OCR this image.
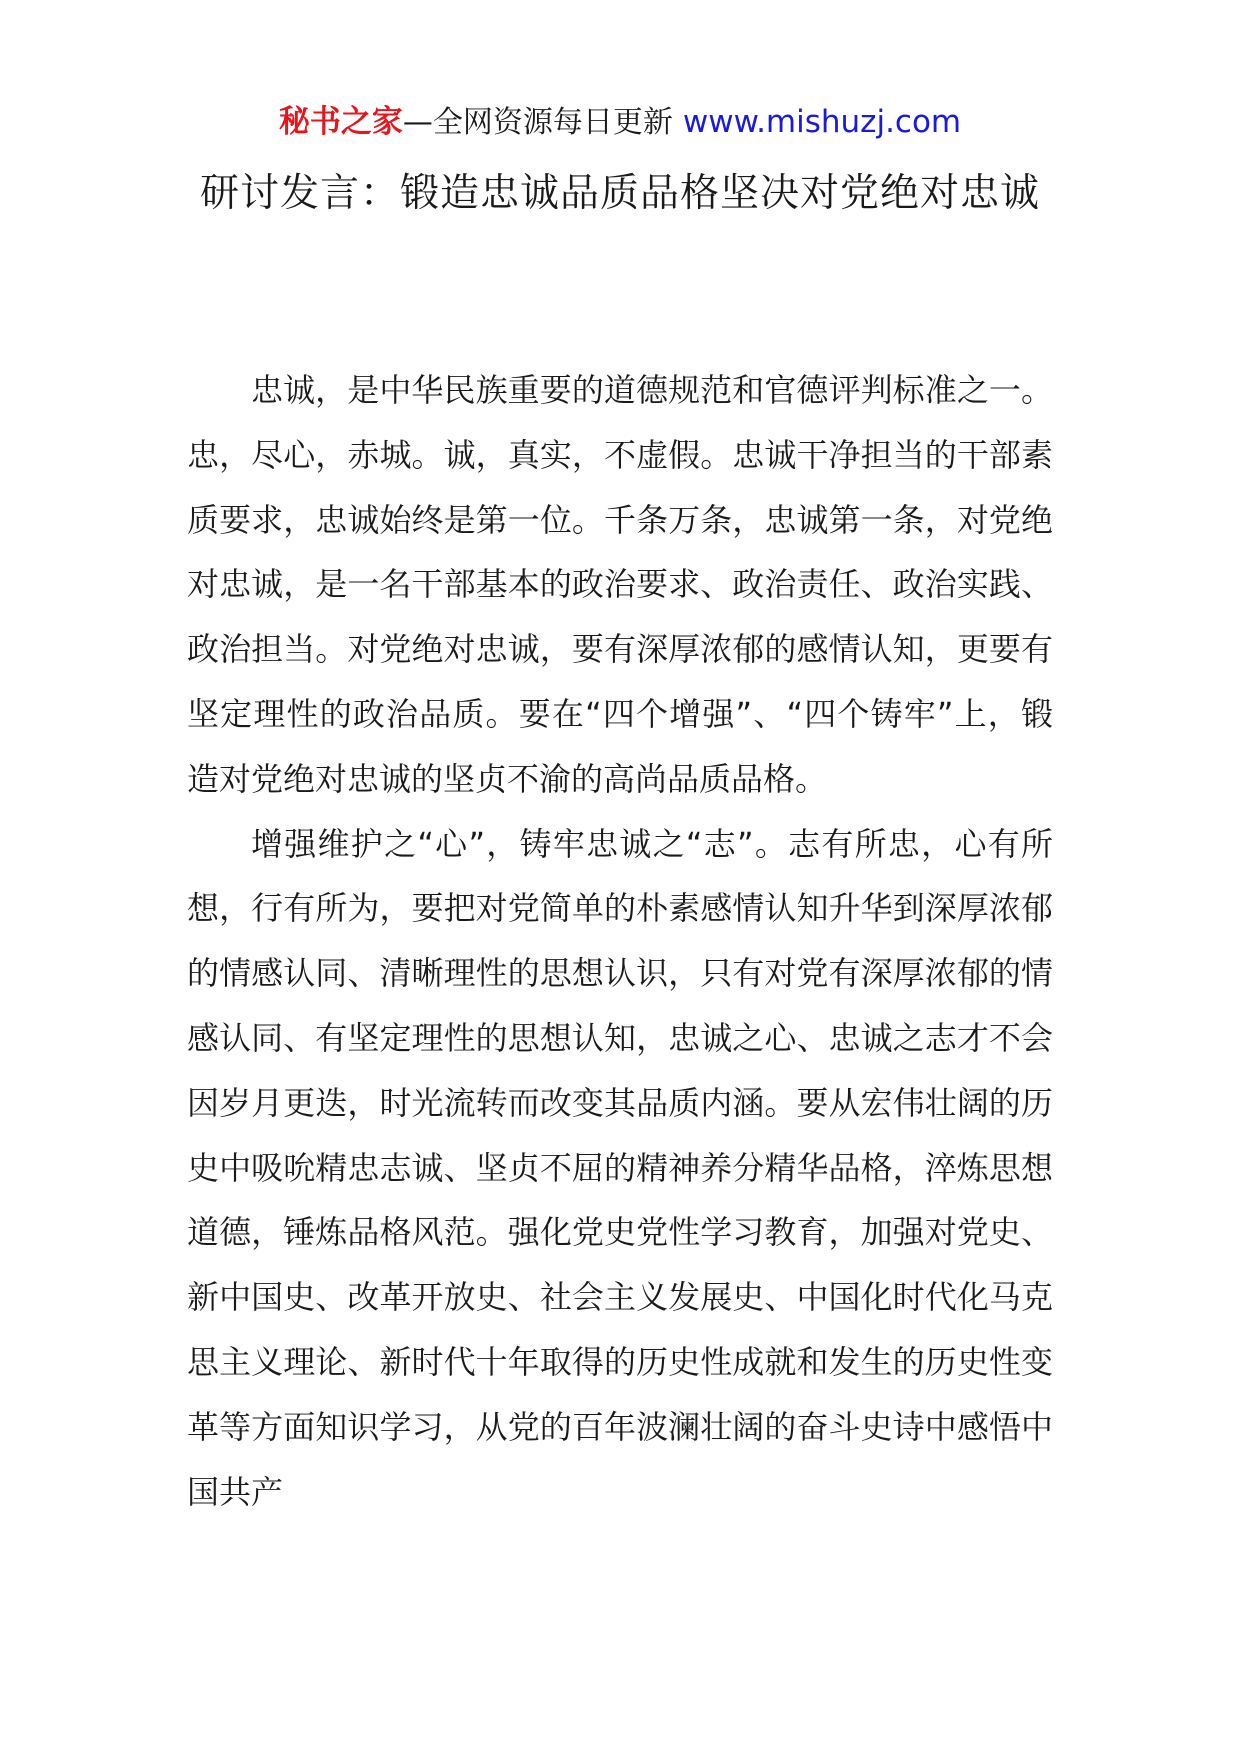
秘书之家—全网资源每日更新 www.mishuzj.com
研讨发言：锻造忠诚品质品格坚决对党绝对忠诚

忠诚，是中华民族重要的道德规范和官德评判标准之一。忠，尽心，赤城。诚，真实，不虚假。忠诚干净担当的干部素质要求，忠诚始终是第一位。千条万条，忠诚第一条，对党绝对忠诚，是一名干部基本的政治要求、政治责任、政治实践、政治担当。对党绝对忠诚，要有深厚浓郁的感情认知，更要有坚定理性的政治品质。要在“四个增强”、“四个铸牢”上，锻造对党绝对忠诚的坚贞不渝的高尚品质品格。

增强维护之“心”，铸牢忠诚之“志”。志有所忠，心有所想，行有所为，要把对党简单的朴素感情认知升华到深厚浓郁的情感认同、清晰理性的思想认识，只有对党有深厚浓郁的情感认同、有坚定理性的思想认知，忠诚之心、忠诚之志才不会因岁月更迭，时光流转而改变其品质内涵。要从宏伟壮阔的历史中吸吮精忠志诚、坚贞不屈的精神养分精华品格，淬炼思想道德，锤炼品格风范。强化党史党性学习教育，加强对党史、新中国史、改革开放史、社会主义发展史、中国化时代化马克思主义理论、新时代十年取得的历史性成就和发生的历史性变革等方面知识学习，从党的百年波澜壮阔的奋斗史诗中感悟中国共产
